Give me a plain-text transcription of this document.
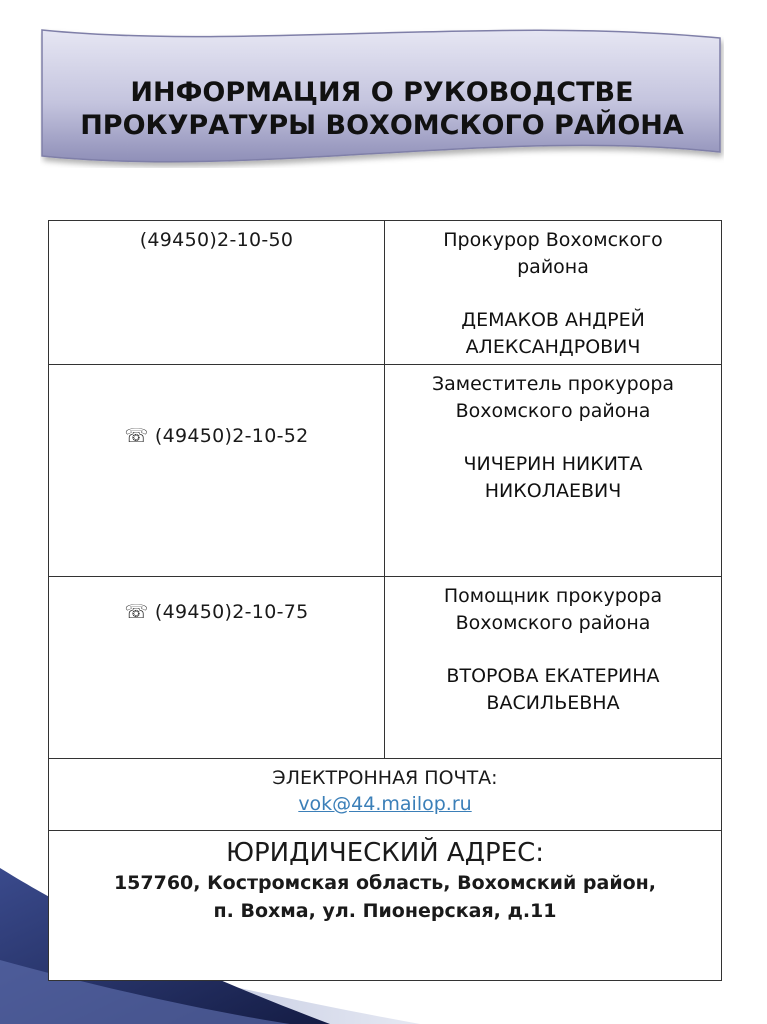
ИНФОРМАЦИЯ О РУКОВОДСТВЕ
ПРОКУРАТУРЫ ВОХОМСКОГО РАЙОНА
(49450)2-10-50	Прокурор Вохомского
района
ДЕМАКОВ АНДРЕЙ
АЛЕКСАНДРОВИЧ

☏ (49450)2-10-52	Заместитель прокурора
Вохомского района
ЧИЧЕРИН НИКИТА
НИКОЛАЕВИЧ

☏ (49450)2-10-75	Помощник прокурора
Вохомского района
ВТОРОВА ЕКАТЕРИНА
ВАСИЛЬЕВНА

ЭЛЕКТРОННАЯ ПОЧТА:
vok@44.mailop.ru	

ЮРИДИЧЕСКИЙ АДРЕС:
157760, Костромская область, Вохомский район,
п. Вохма, ул. Пионерская, д.11	
